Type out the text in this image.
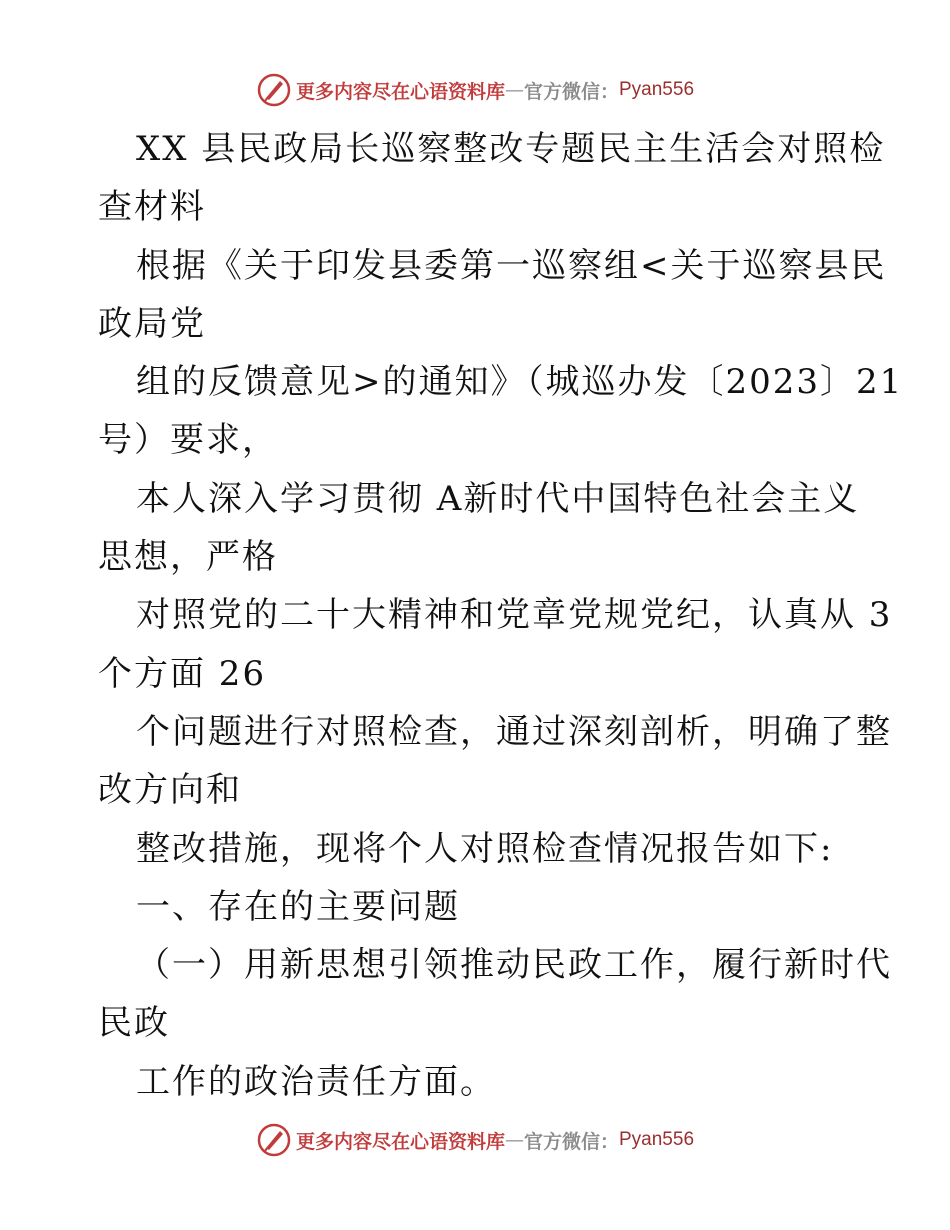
更多内容尽在心语资料库 — 官方微信： Pyan556
XX 县民政局长巡察整改专题民主生活会对照检
查材料
根据《关于印发县委第一巡察组<关于巡察县民
政局党
组的反馈意见>的通知》（城巡办发〔2023〕21
号）要求，
本人深入学习贯彻 A新时代中国特色社会主义
思想，严格
对照党的二十大精神和党章党规党纪，认真从 3
个方面 26
个问题进行对照检查，通过深刻剖析，明确了整
改方向和
整改措施，现将个人对照检查情况报告如下:
一、存在的主要问题
（一）用新思想引领推动民政工作，履行新时代
民政
工作的政治责任方面。
更多内容尽在心语资料库 — 官方微信： Pyan556
